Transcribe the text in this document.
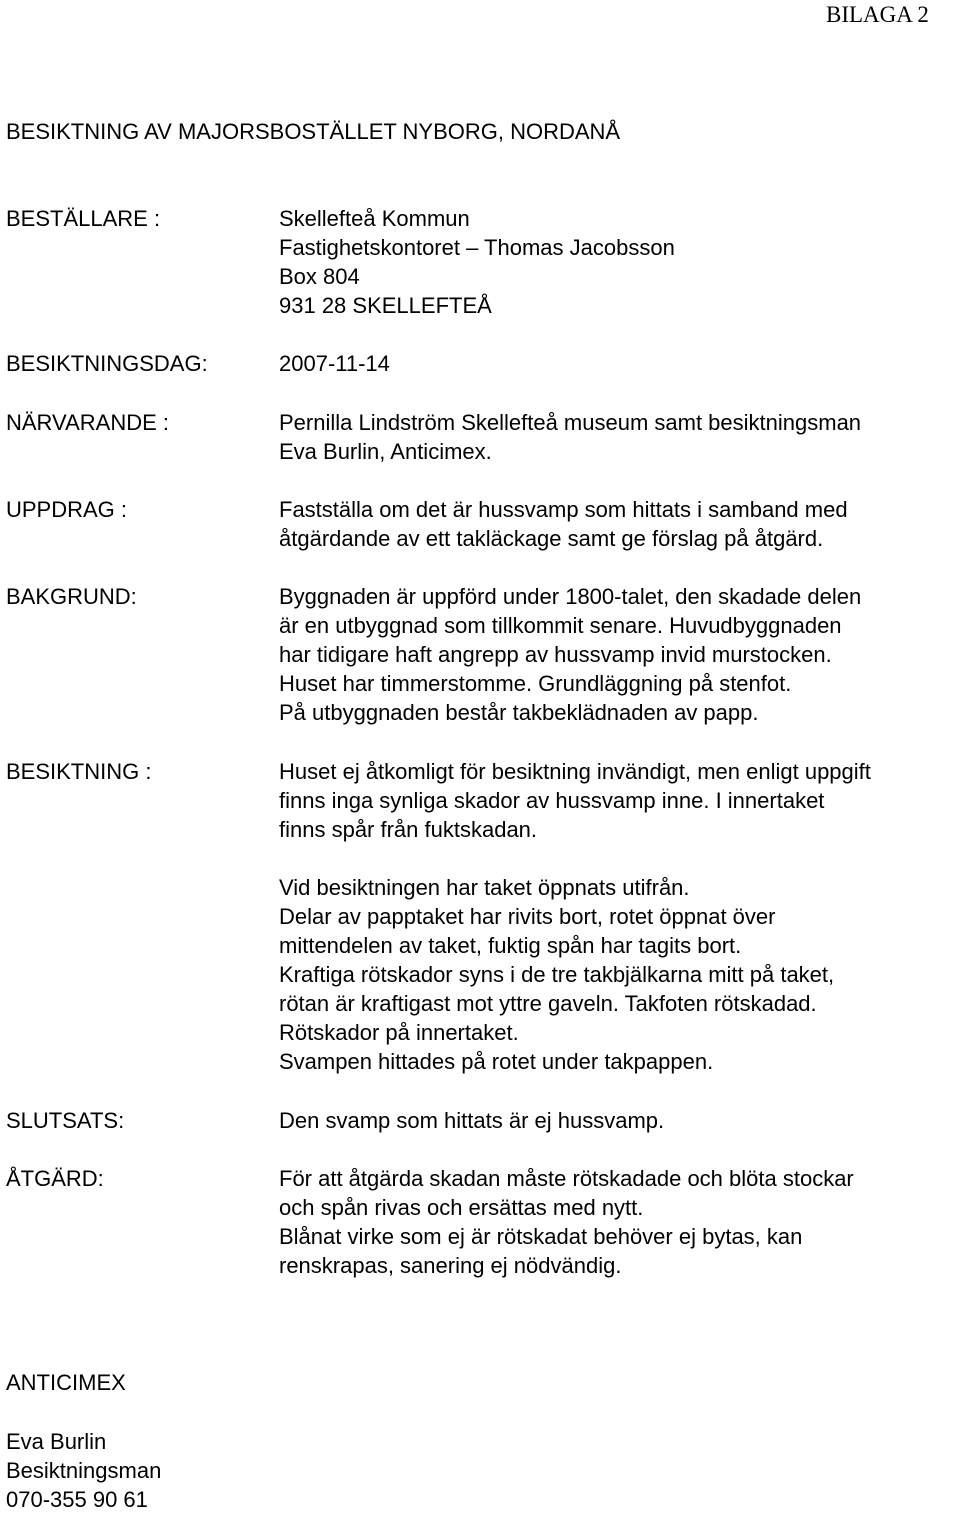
BILAGA 2
BESIKTNING AV MAJORSBOSTÄLLET NYBORG, NORDANÅ
BESTÄLLARE :	Skellefteå Kommun
Fastighetskontoret – Thomas Jacobsson
Box 804
931 28 SKELLEFTEÅ
BESIKTNINGSDAG:	2007-11-14
NÄRVARANDE :	Pernilla Lindström Skellefteå museum samt besiktningsman
Eva Burlin, Anticimex.
UPPDRAG :	Fastställa om det är hussvamp som hittats i samband med
åtgärdande av ett takläckage samt ge förslag på åtgärd.
BAKGRUND:	Byggnaden är uppförd under 1800-talet, den skadade delen
är en utbyggnad som tillkommit senare. Huvudbyggnaden
har tidigare haft angrepp av hussvamp invid murstocken.
Huset har timmerstomme. Grundläggning på stenfot.
På utbyggnaden består takbeklädnaden av papp.
BESIKTNING :	Huset ej åtkomligt för besiktning invändigt, men enligt uppgift
finns inga synliga skador av hussvamp inne. I innertaket
finns spår från fuktskadan.
Vid besiktningen har taket öppnats utifrån.
Delar av papptaket har rivits bort, rotet öppnat över
mittendelen av taket, fuktig spån har tagits bort.
Kraftiga rötskador syns i de tre takbjälkarna mitt på taket,
rötan är kraftigast mot yttre gaveln. Takfoten rötskadad.
Rötskador på innertaket.
Svampen hittades på rotet under takpappen.
SLUTSATS:	Den svamp som hittats är ej hussvamp.
ÅTGÄRD:	För att åtgärda skadan måste rötskadade och blöta stockar
och spån rivas och ersättas med nytt.
Blånat virke som ej är rötskadat behöver ej bytas, kan
renskrapas, sanering ej nödvändig.
ANTICIMEX
Eva Burlin
Besiktningsman
070-355 90 61
